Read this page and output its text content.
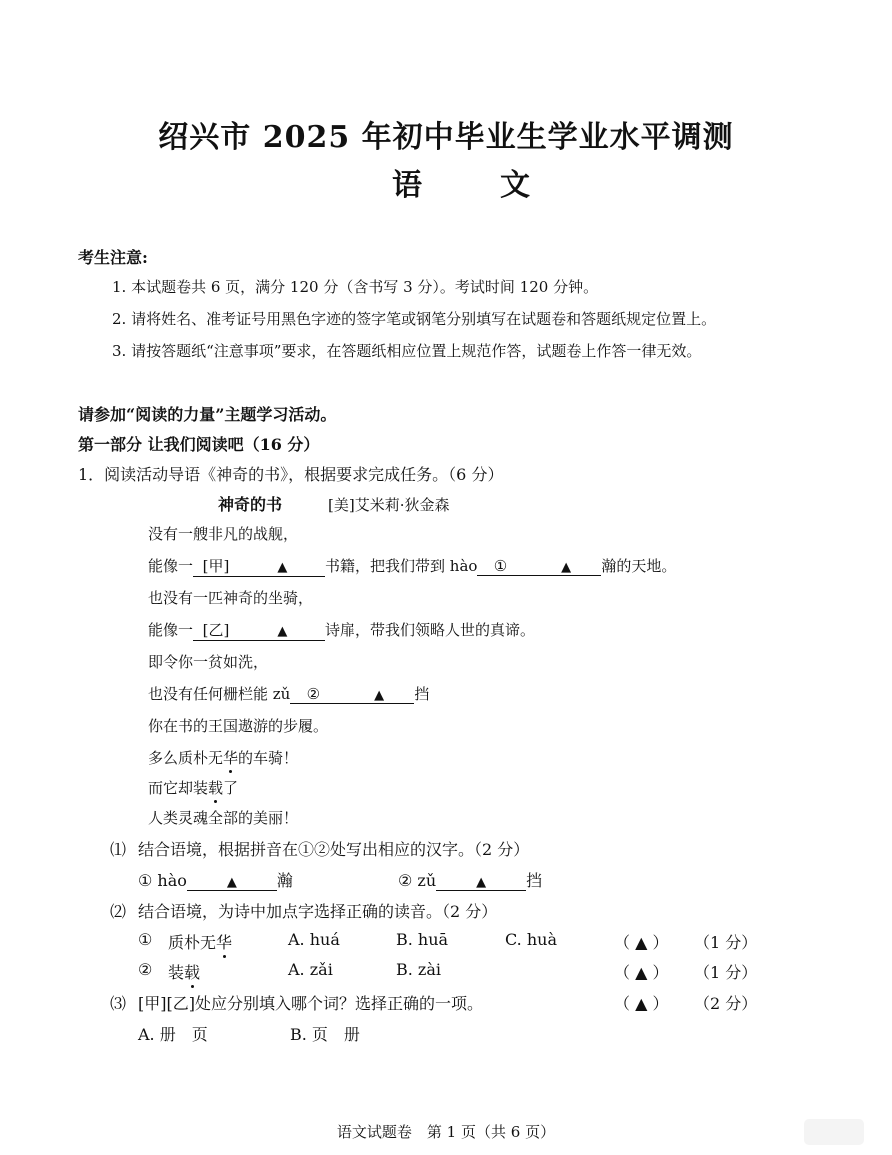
绍兴市 2025 年初中毕业生学业水平调测
语	文
考生注意:
1. 本试题卷共 6 页，满分 120 分（含书写 3 分）。考试时间 120 分钟。
2. 请将姓名、准考证号用黑色字迹的签字笔或钢笔分别填写在试题卷和答题纸规定位置上。
3. 请按答题纸“注意事项”要求，在答题纸相应位置上规范作答，试题卷上作答一律无效。
请参加“阅读的力量”主题学习活动。
第一部分 让我们阅读吧（16 分）
1．阅读活动导语《神奇的书》，根据要求完成任务。（6 分）
神奇的书	[美]艾米莉·狄金森
没有一艘非凡的战舰，
能像一 [甲]	▲	书籍，把我们带到 hào ①	▲ 瀚的天地。
也没有一匹神奇的坐骑，
能像一 [乙]	▲	诗扉，带我们领略人世的真谛。
即令你一贫如洗，
也没有任何栅栏能 zǔ ②	▲ 挡
你在书的王国遨游的步履。
多么质朴无华的车骑！
而它却装载了
人类灵魂全部的美丽！
⑴ 结合语境，根据拼音在①②处写出相应的汉字。（2 分）
① hào	▲	瀚	② zǔ	▲	挡
⑵ 结合语境，为诗中加点字选择正确的读音。（2 分）
① 质朴无华	A. huá	B. huā	C. huà	（ ▲ ） （1 分）
② 装载	A. zǎi	B. zài	（ ▲ ） （1 分）
⑶ [甲][乙]处应分别填入哪个词？选择正确的一项。	（ ▲ ） （2 分）
A. 册　页	B. 页　册
语文试题卷　第 1 页（共 6 页）
